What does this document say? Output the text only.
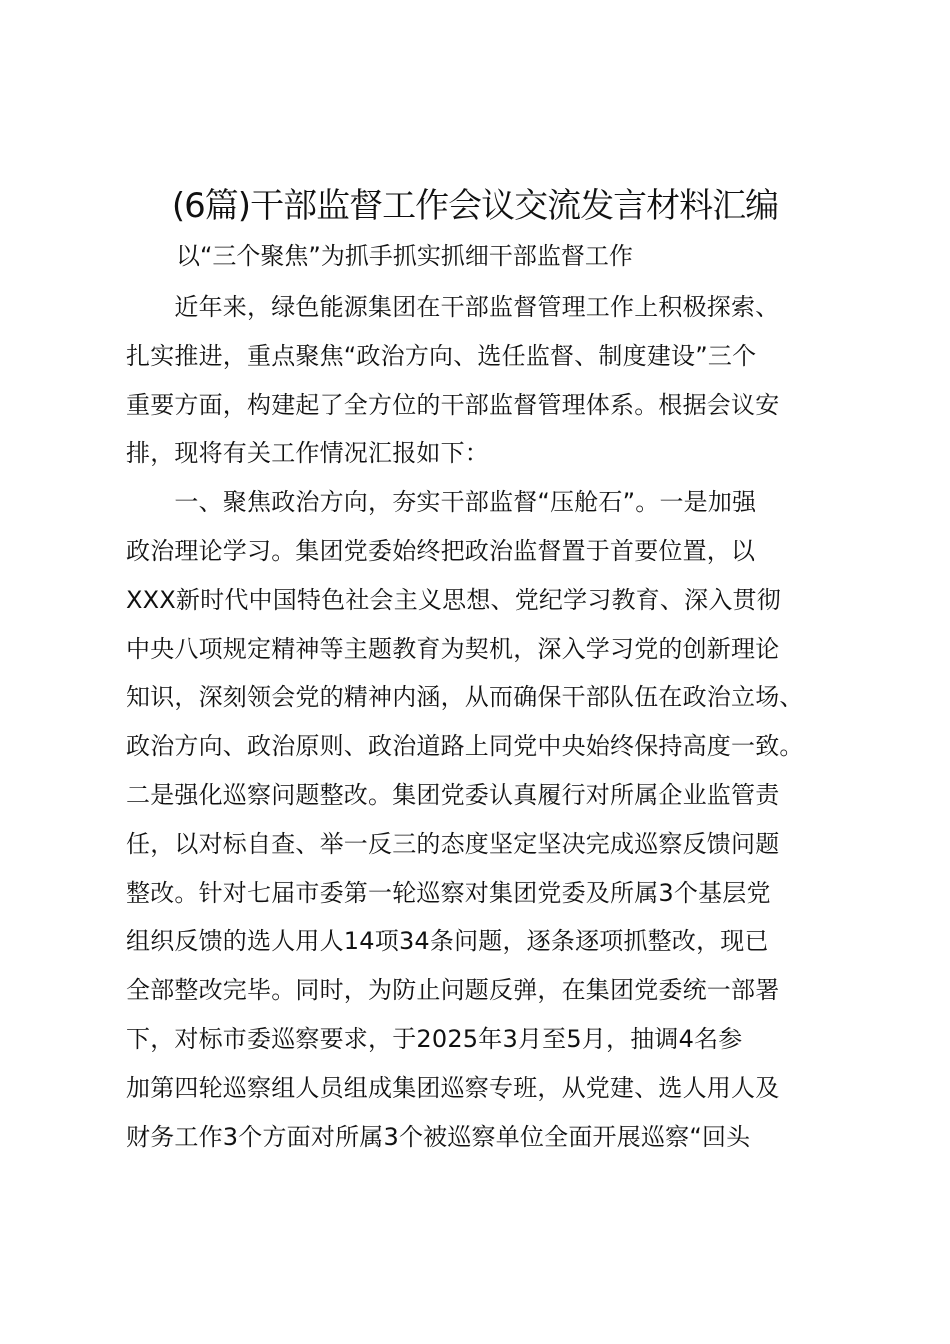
(6篇)干部监督工作会议交流发言材料汇编
以“三个聚焦”为抓手抓实抓细干部监督工作
　　近年来，绿色能源集团在干部监督管理工作上积极探索、
扎实推进，重点聚焦“政治方向、选任监督、制度建设”三个
重要方面，构建起了全方位的干部监督管理体系。根据会议安
排，现将有关工作情况汇报如下：
　　一、聚焦政治方向，夯实干部监督“压舱石”。一是加强
政治理论学习。集团党委始终把政治监督置于首要位置，以
XXX新时代中国特色社会主义思想、党纪学习教育、深入贯彻
中央八项规定精神等主题教育为契机，深入学习党的创新理论
知识，深刻领会党的精神内涵，从而确保干部队伍在政治立场、
政治方向、政治原则、政治道路上同党中央始终保持高度一致。
二是强化巡察问题整改。集团党委认真履行对所属企业监管责
任，以对标自查、举一反三的态度坚定坚决完成巡察反馈问题
整改。针对七届市委第一轮巡察对集团党委及所属3个基层党
组织反馈的选人用人14项34条问题，逐条逐项抓整改，现已
全部整改完毕。同时，为防止问题反弹，在集团党委统一部署
下，对标市委巡察要求，于2025年3月至5月，抽调4名参
加第四轮巡察组人员组成集团巡察专班，从党建、选人用人及
财务工作3个方面对所属3个被巡察单位全面开展巡察“回头
